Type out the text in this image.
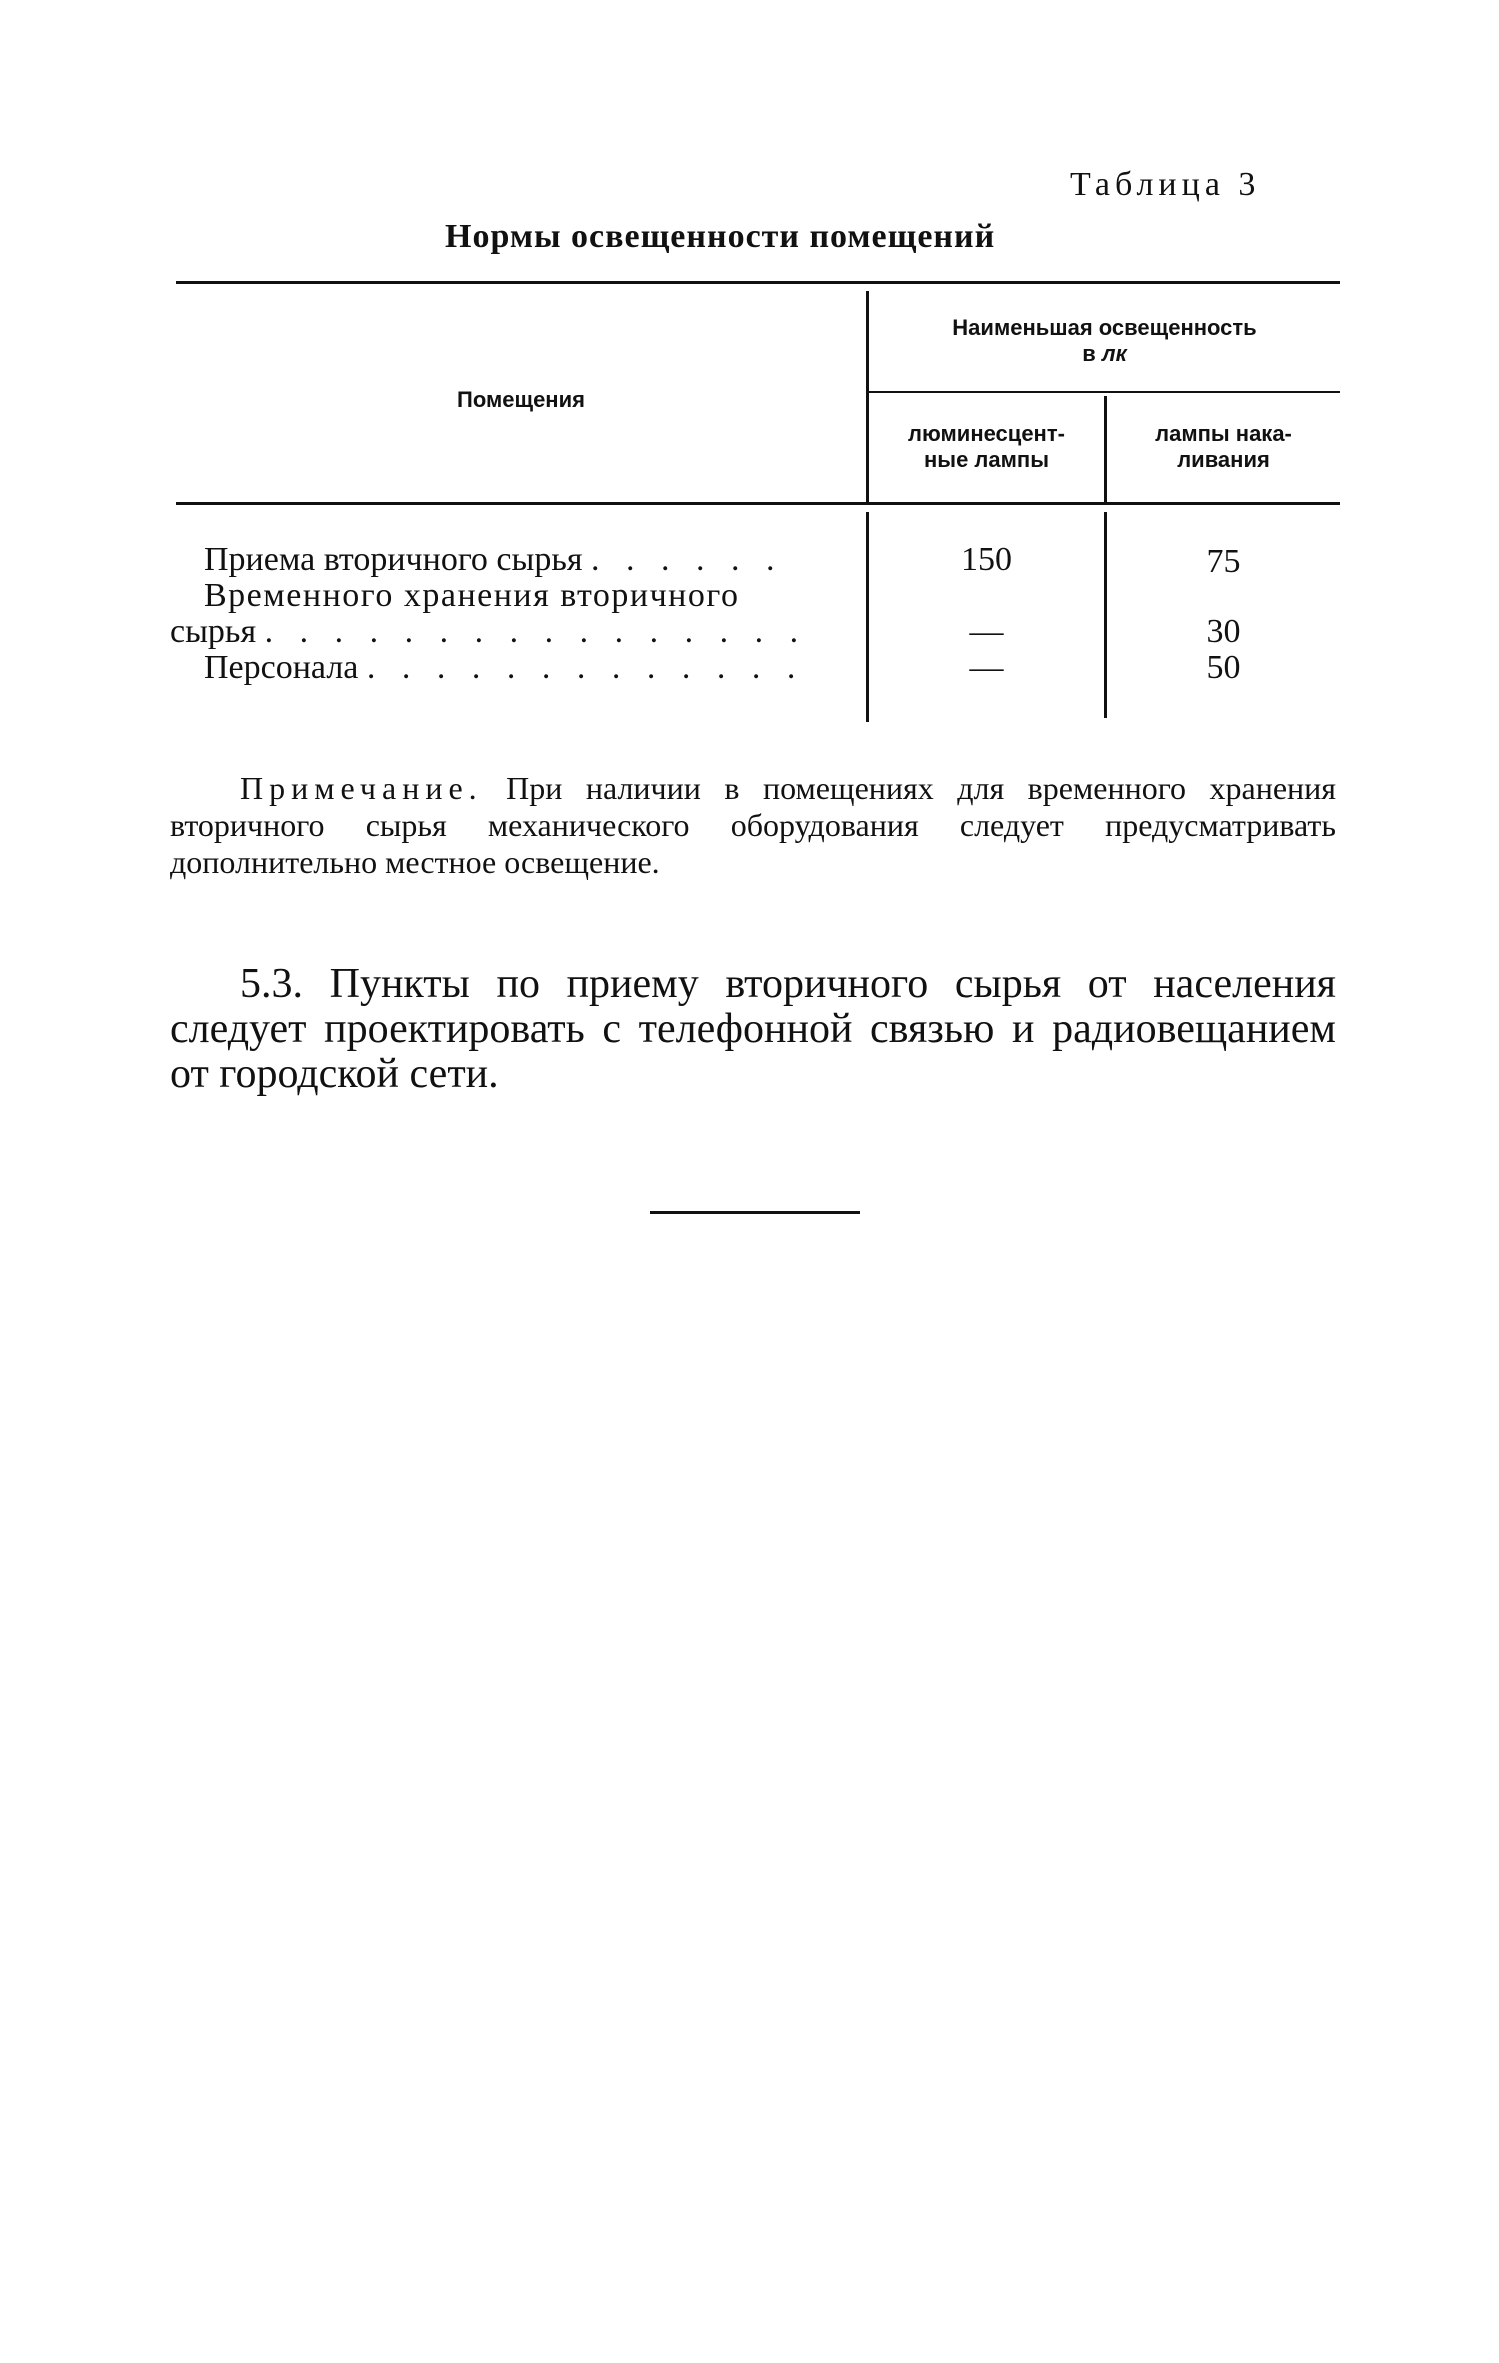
Таблица 3
Нормы освещенности помещений
Помещения
Наименьшая освещенность
в лк
люминесцент-
ные лампы
лампы нака-
ливания
Приема вторичного сырья . . . . . .	150	75
Временного хранения вторичного
сырья . . . . . . . . . . . . . . . .	—	30
Персонала . . . . . . . . . . . . .	—	50
Примечание. При наличии в помещениях для временного хранения вторичного сырья механического оборудования следует предусматривать дополнительно местное освещение.
5.3. Пункты по приему вторичного сырья от населения следует проектировать с телефонной связью и радиовещанием от городской сети.
